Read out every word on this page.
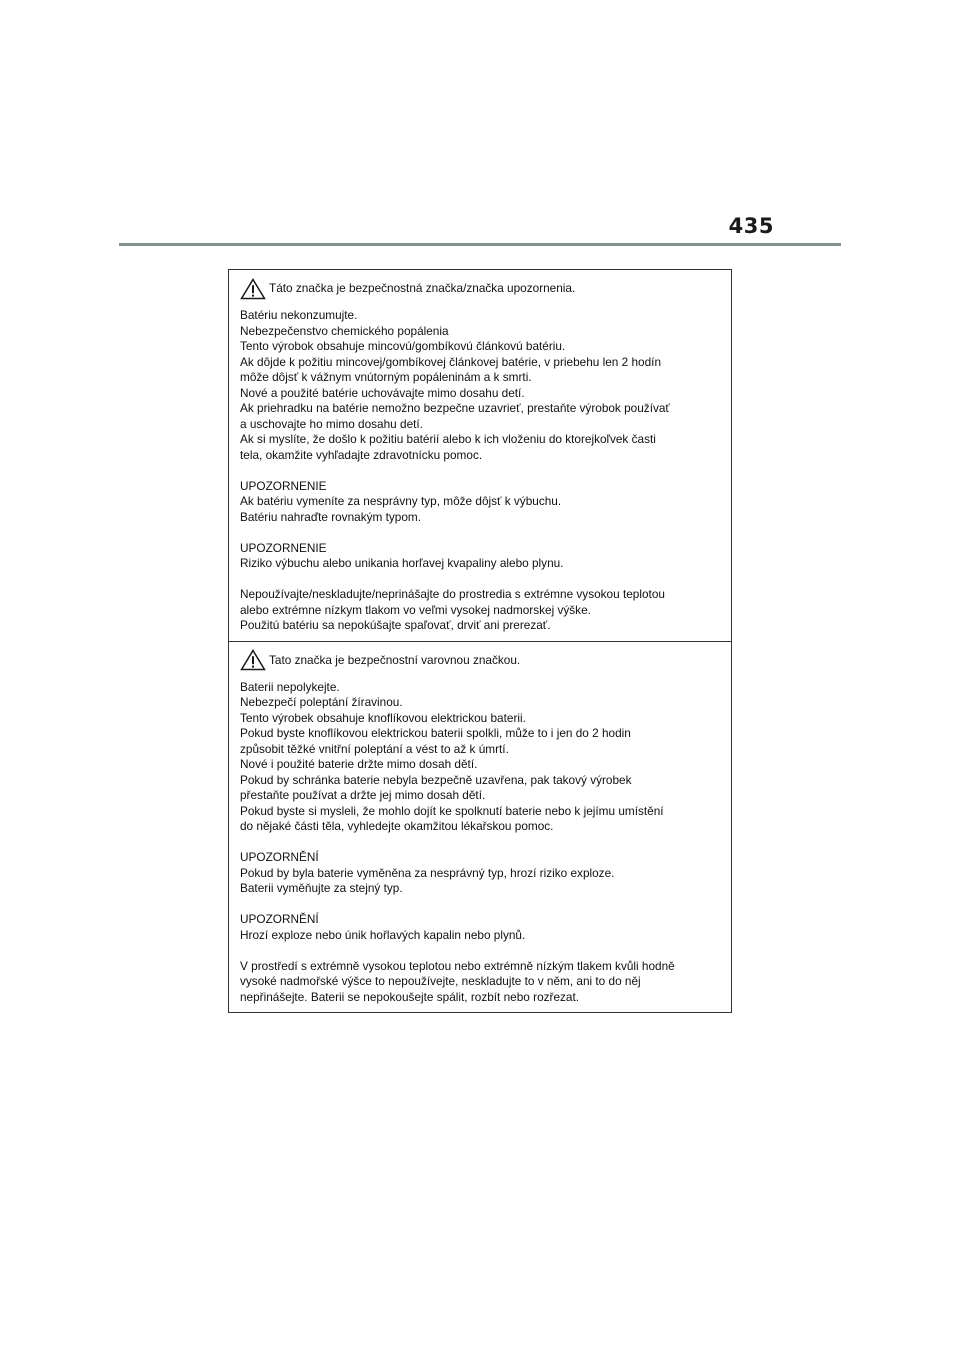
435
Táto značka je bezpečnostná značka/značka upozornenia.
Batériu nekonzumujte.
Nebezpečenstvo chemického popálenia
Tento výrobok obsahuje mincovú/gombíkovú článkovú batériu.
Ak dôjde k požitiu mincovej/gombíkovej článkovej batérie, v priebehu len 2 hodín
môže dôjsť k vážnym vnútorným popáleninám a k smrti.
Nové a použité batérie uchovávajte mimo dosahu detí.
Ak priehradku na batérie nemožno bezpečne uzavrieť, prestaňte výrobok používať
a uschovajte ho mimo dosahu detí.
Ak si myslíte, že došlo k požitiu batérií alebo k ich vloženiu do ktorejkoľvek časti
tela, okamžite vyhľadajte zdravotnícku pomoc.
UPOZORNENIE
Ak batériu vymeníte za nesprávny typ, môže dôjsť k výbuchu.
Batériu nahraďte rovnakým typom.
UPOZORNENIE
Riziko výbuchu alebo unikania horľavej kvapaliny alebo plynu.
Nepoužívajte/neskladujte/neprinášajte do prostredia s extrémne vysokou teplotou
alebo extrémne nízkym tlakom vo veľmi vysokej nadmorskej výške.
Použitú batériu sa nepokúšajte spaľovať, drviť ani prerezať.
Tato značka je bezpečnostní varovnou značkou.
Baterii nepolykejte.
Nebezpečí poleptání žíravinou.
Tento výrobek obsahuje knoflíkovou elektrickou baterii.
Pokud byste knoflíkovou elektrickou baterii spolkli, může to i jen do 2 hodin
způsobit těžké vnitřní poleptání a vést to až k úmrtí.
Nové i použité baterie držte mimo dosah dětí.
Pokud by schránka baterie nebyla bezpečně uzavřena, pak takový výrobek
přestaňte používat a držte jej mimo dosah dětí.
Pokud byste si mysleli, že mohlo dojít ke spolknutí baterie nebo k jejímu umístění
do nějaké části těla, vyhledejte okamžitou lékařskou pomoc.
UPOZORNĚNÍ
Pokud by byla baterie vyměněna za nesprávný typ, hrozí riziko exploze.
Baterii vyměňujte za stejný typ.
UPOZORNĚNÍ
Hrozí exploze nebo únik hořlavých kapalin nebo plynů.
V prostředí s extrémně vysokou teplotou nebo extrémně nízkým tlakem kvůli hodně
vysoké nadmořské výšce to nepoužívejte, neskladujte to v něm, ani to do něj
nepřinášejte. Baterii se nepokoušejte spálit, rozbít nebo rozřezat.
